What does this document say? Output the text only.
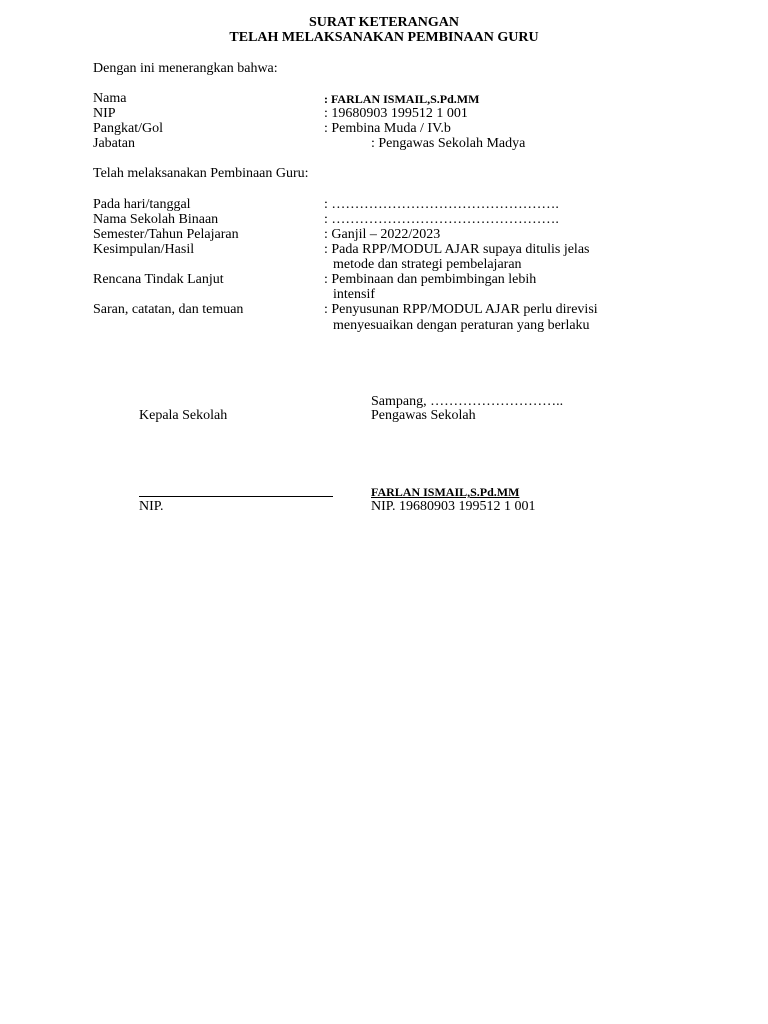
SURAT KETERANGAN
TELAH MELAKSANAKAN PEMBINAAN GURU
Dengan ini menerangkan bahwa:
Nama	: FARLAN ISMAIL,S.Pd.MM
NIP	: 19680903 199512 1 001
Pangkat/Gol	: Pembina Muda / IV.b
Jabatan	: Pengawas Sekolah Madya
Telah melaksanakan Pembinaan Guru:
Pada hari/tanggal	: ………………………………………….
Nama Sekolah Binaan	: ………………………………………….
Semester/Tahun Pelajaran	: Ganjil – 2022/2023
Kesimpulan/Hasil	: Pada RPP/MODUL AJAR supaya ditulis jelas
metode dan strategi pembelajaran
Rencana Tindak Lanjut	: Pembinaan dan pembimbingan lebih
intensif
Saran, catatan, dan temuan	: Penyusunan RPP/MODUL AJAR perlu direvisi
menyesuaikan dengan peraturan yang berlaku
Sampang, ………………………..
Kepala Sekolah	Pengawas Sekolah
FARLAN ISMAIL,S.Pd.MM
NIP.	NIP. 19680903 199512 1 001
